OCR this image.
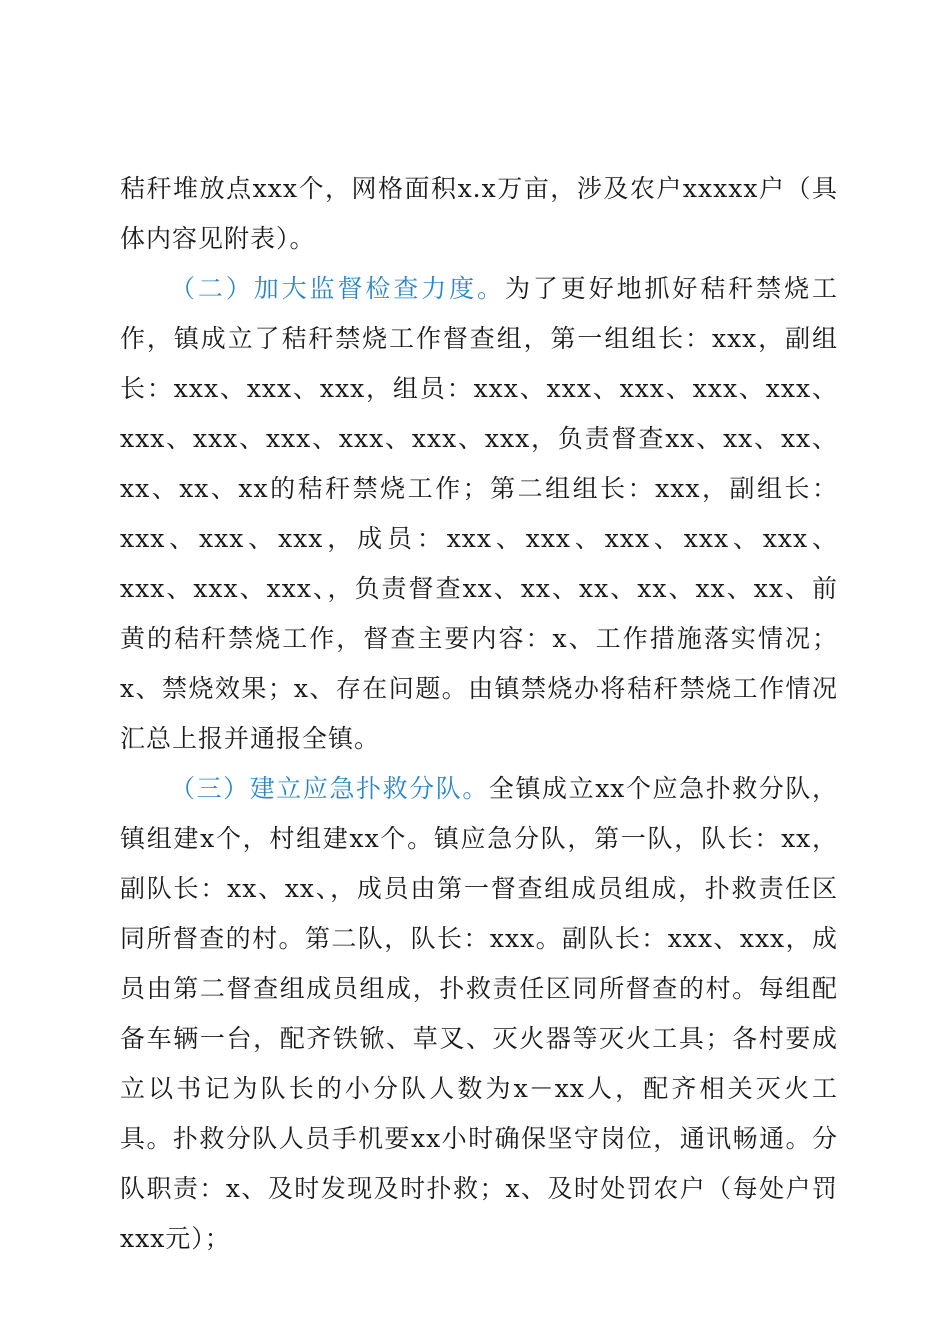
秸秆堆放点xxx个，网格面积x.x万亩，涉及农户xxxxx户（具体内容见附表）。

（二）加大监督检查力度。为了更好地抓好秸秆禁烧工作，镇成立了秸秆禁烧工作督查组，第一组组长：xxx，副组长：xxx、xxx、xxx，组员：xxx、xxx、xxx、xxx、xxx、xxx、xxx、xxx、xxx、xxx、xxx，负责督查xx、xx、xx、xx、xx、xx的秸秆禁烧工作；第二组组长：xxx，副组长：xxx、xxx、xxx，成员：xxx、xxx、xxx、xxx、xxx、xxx、xxx、xxx、，负责督查xx、xx、xx、xx、xx、xx、前黄的秸秆禁烧工作，督查主要内容：x、工作措施落实情况；x、禁烧效果；x、存在问题。由镇禁烧办将秸秆禁烧工作情况汇总上报并通报全镇。

（三）建立应急扑救分队。全镇成立xx个应急扑救分队，镇组建x个，村组建xx个。镇应急分队，第一队，队长：xx，副队长：xx、xx、，成员由第一督查组成员组成，扑救责任区同所督查的村。第二队，队长：xxx。副队长：xxx、xxx，成员由第二督查组成员组成，扑救责任区同所督查的村。每组配备车辆一台，配齐铁锨、草叉、灭火器等灭火工具；各村要成立以书记为队长的小分队人数为x－xx人，配齐相关灭火工具。扑救分队人员手机要xx小时确保坚守岗位，通讯畅通。分队职责：x、及时发现及时扑救；x、及时处罚农户（每处户罚xxx元）；
